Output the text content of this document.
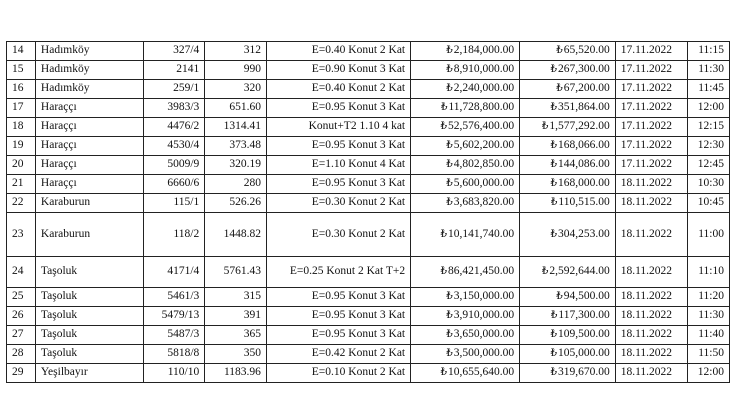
14	Hadımköy	327/4	312	E=0.40 Konut 2 Kat	₺2,184,000.00	₺65,520.00	17.11.2022	11:15
15	Hadımköy	2141	990	E=0.90 Konut 3 Kat	₺8,910,000.00	₺267,300.00	17.11.2022	11:30
16	Hadımköy	259/1	320	E=0.40 Konut 2 Kat	₺2,240,000.00	₺67,200.00	17.11.2022	11:45
17	Haraççı	3983/3	651.60	E=0.95 Konut 3 Kat	₺11,728,800.00	₺351,864.00	17.11.2022	12:00
18	Haraççı	4476/2	1314.41	Konut+T2 1.10 4 kat	₺52,576,400.00	₺1,577,292.00	17.11.2022	12:15
19	Haraççı	4530/4	373.48	E=0.95 Konut 3 Kat	₺5,602,200.00	₺168,066.00	17.11.2022	12:30
20	Haraççı	5009/9	320.19	E=1.10 Konut 4 Kat	₺4,802,850.00	₺144,086.00	17.11.2022	12:45
21	Haraççı	6660/6	280	E=0.95 Konut 3 Kat	₺5,600,000.00	₺168,000.00	18.11.2022	10:30
22	Karaburun	115/1	526.26	E=0.30 Konut 2 Kat	₺3,683,820.00	₺110,515.00	18.11.2022	10:45
23	Karaburun	118/2	1448.82	E=0.30 Konut 2 Kat	₺10,141,740.00	₺304,253.00	18.11.2022	11:00
24	Taşoluk	4171/4	5761.43	E=0.25 Konut 2 Kat T+2	₺86,421,450.00	₺2,592,644.00	18.11.2022	11:10
25	Taşoluk	5461/3	315	E=0.95 Konut 3 Kat	₺3,150,000.00	₺94,500.00	18.11.2022	11:20
26	Taşoluk	5479/13	391	E=0.95 Konut 3 Kat	₺3,910,000.00	₺117,300.00	18.11.2022	11:30
27	Taşoluk	5487/3	365	E=0.95 Konut 3 Kat	₺3,650,000.00	₺109,500.00	18.11.2022	11:40
28	Taşoluk	5818/8	350	E=0.42 Konut 2 Kat	₺3,500,000.00	₺105,000.00	18.11.2022	11:50
29	Yeşilbayır	110/10	1183.96	E=0.10 Konut 2 Kat	₺10,655,640.00	₺319,670.00	18.11.2022	12:00
